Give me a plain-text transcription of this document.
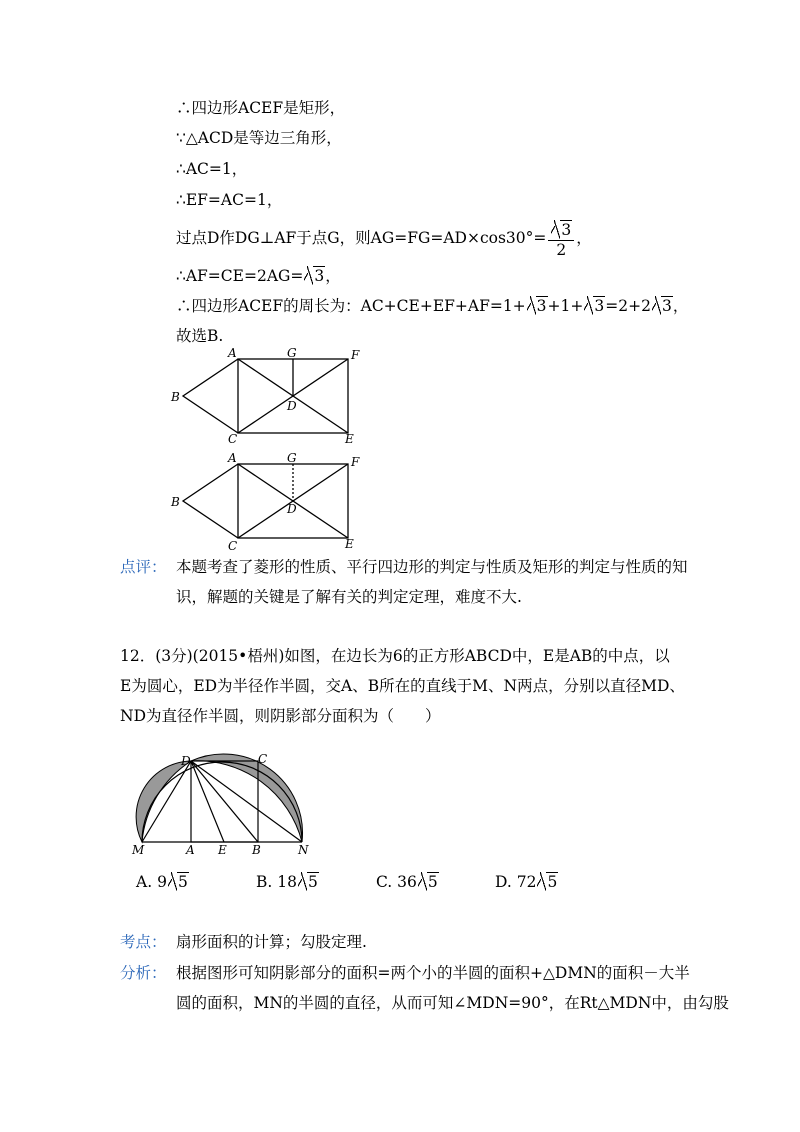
∴四边形ACEF是矩形，
∵△ACD是等边三角形，
∴AC=1，
∴EF=AC=1，
过点D作DG⊥AF于点G，则$AG=FG=AD\times\cos 30^\circ= \frac{3}{2}$ ，
∴AF=CE=2AG= 3，
∴四边形ACEF的周长为：AC+CE+EF+AF=1+ 3+1+ 3=2+2 3，
故选B.
A	G	F
B
D
C	E
A	G	F
B	D
C	E
点评： 本题考查了菱形的性质、平行四边形的判定与性质及矩形的判定与性质的知
识，解题的关键是了解有关的判定定理，难度不大.
12．(3分)(2015•梧州)如图，在边长为6的正方形ABCD中，E是AB的中点，以
E为圆心，ED为半径作半圆，交A、B所在的直线于M、N两点，分别以直径MD、
ND为直径作半圆，则阴影部分面积为（　　）
D	C
M	A E B	N
A. 9 5	B. 18 5	C. 36 5	D. 72 5
考点： 扇形面积的计算；勾股定理.
分析： 根据图形可知阴影部分的面积=两个小的半圆的面积+△DMN的面积－大半
圆的面积，MN的半圆的直径，从而可知∠MDN=90°，在Rt△MDN中，由勾股
